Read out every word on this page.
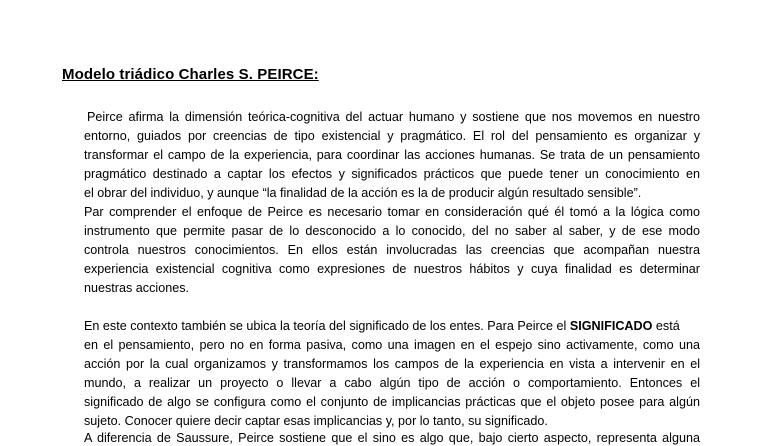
Modelo triádico Charles S. PEIRCE:
Peirce afirma la dimensión teórica-cognitiva del actuar humano y sostiene que nos movemos en nuestro
entorno, guiados por creencias de tipo existencial y pragmático. El rol del pensamiento es organizar y
transformar el campo de la experiencia, para coordinar las acciones humanas. Se trata de un pensamiento
pragmático destinado a captar los efectos y significados prácticos que puede tener un conocimiento en
el obrar del individuo, y aunque “la finalidad de la acción es la de producir algún resultado sensible”.
Par comprender el enfoque de Peirce es necesario tomar en consideración qué él tomó a la lógica como
instrumento que permite pasar de lo desconocido a lo conocido, del no saber al saber, y de ese modo
controla nuestros conocimientos. En ellos están involucradas las creencias que acompañan nuestra
experiencia existencial cognitiva como expresiones de nuestros hábitos y cuya finalidad es determinar
nuestras acciones.
En este contexto también se ubica la teoría del significado de los entes. Para Peirce el SIGNIFICADO está
en el pensamiento, pero no en forma pasiva, como una imagen en el espejo sino activamente, como una
acción por la cual organizamos y transformamos los campos de la experiencia en vista a intervenir en el
mundo, a realizar un proyecto o llevar a cabo algún tipo de acción o comportamiento. Entonces el
significado de algo se configura como el conjunto de implicancias prácticas que el objeto posee para algún
sujeto. Conocer quiere decir captar esas implicancias y, por lo tanto, su significado.
A diferencia de Saussure, Peirce sostiene que el sino es algo que, bajo cierto aspecto, representa alguna
